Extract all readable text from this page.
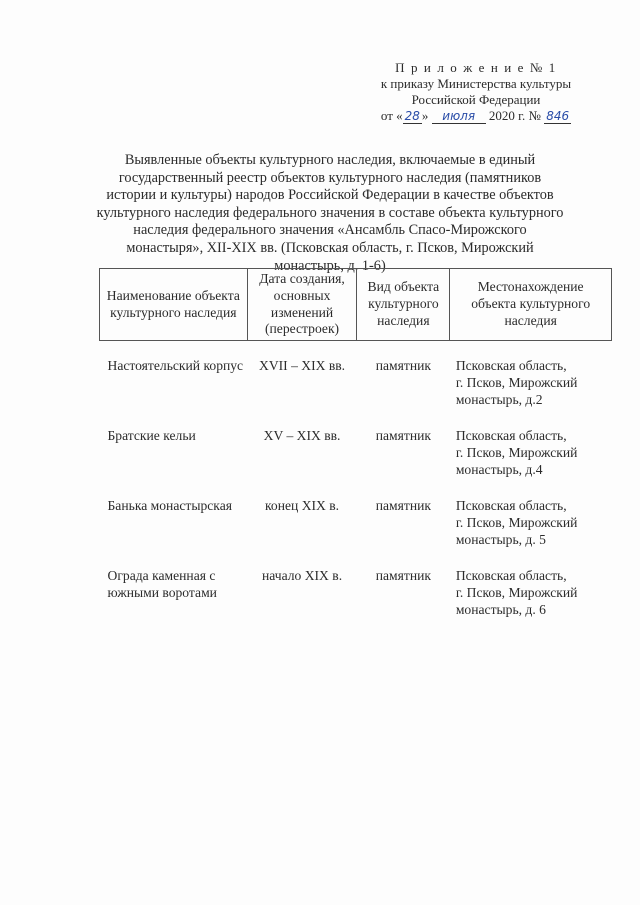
П р и л о ж е н и е № 1
к приказу Министерства культуры
Российской Федерации
от « 28 » июля 2020 г. № 846
Выявленные объекты культурного наследия, включаемые в единый государственный реестр объектов культурного наследия (памятников истории и культуры) народов Российской Федерации в качестве объектов культурного наследия федерального значения в составе объекта культурного наследия федерального значения «Ансамбль Спасо-Мирожского монастыря», XII-XIX вв. (Псковская область, г. Псков, Мирожский монастырь, д. 1-6)
Наименование объекта культурного наследия	Дата создания, основных изменений (перестроек)	Вид объекта культурного наследия	Местонахождение объекта культурного наследия

Настоятельский корпус	XVII – XIX вв.	памятник	Псковская область,
г. Псков, Мирожский
монастырь, д.2

Братские кельи	XV – XIX вв.	памятник	Псковская область,
г. Псков, Мирожский
монастырь, д.4

Банька монастырская	конец XIX в.	памятник	Псковская область,
г. Псков, Мирожский
монастырь, д. 5

Ограда каменная с южными воротами	начало XIX в.	памятник	Псковская область,
г. Псков, Мирожский
монастырь, д. 6
